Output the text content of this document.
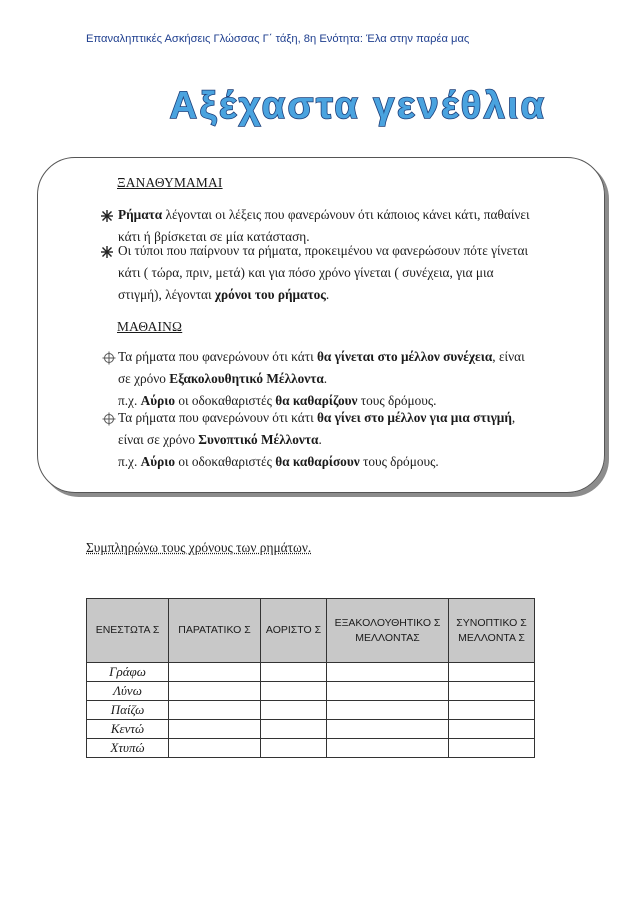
Επαναληπτικές Ασκήσεις Γλώσσας Γ΄ τάξη, 8η Ενότητα: Έλα στην παρέα μας
Αξέχαστα γενέθλια
ΞΑΝΑΘΥΜΑΜΑΙ
Ρήματα λέγονται οι λέξεις που φανερώνουν ότι κάποιος κάνει κάτι, παθαίνει κάτι ή βρίσκεται σε μία κατάσταση.
Οι τύποι που παίρνουν τα ρήματα, προκειμένου να φανερώσουν πότε γίνεται κάτι ( τώρα, πριν, μετά) και για πόσο χρόνο γίνεται ( συνέχεια, για μια στιγμή), λέγονται χρόνοι του ρήματος.
ΜΑΘΑΙΝΩ
Τα ρήματα που φανερώνουν ότι κάτι θα γίνεται στο μέλλον συνέχεια, είναι σε χρόνο Εξακολουθητικό Μέλλοντα.
π.χ. Αύριο οι οδοκαθαριστές θα καθαρίζουν τους δρόμους.
Τα ρήματα που φανερώνουν ότι κάτι θα γίνει στο μέλλον για μια στιγμή, είναι σε χρόνο Συνοπτικό Μέλλοντα.
π.χ. Αύριο οι οδοκαθαριστές θα καθαρίσουν τους δρόμους.
Συμπληρώνω τους χρόνους των ρημάτων.
ΕΝΕΣΤΩΤΑ Σ	ΠΑΡΑΤΑΤΙΚΟ Σ	ΑΟΡΙΣΤΟ Σ	ΕΞΑΚΟΛΟΥΘΗΤΙΚΟ Σ ΜΕΛΛΟΝΤΑΣ	ΣΥΝΟΠΤΙΚΟ Σ ΜΕΛΛΟΝΤΑ Σ
Γράφω				
Λύνω				
Παίζω				
Κεντώ				
Χτυπώ				
